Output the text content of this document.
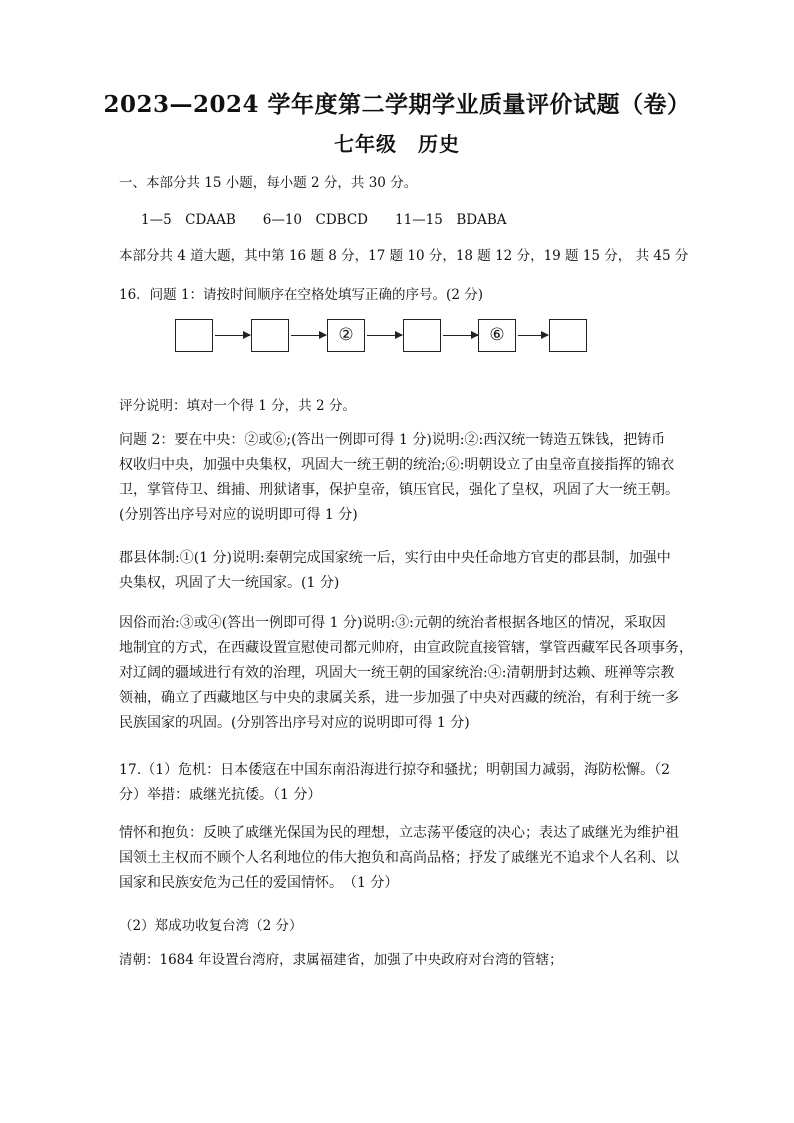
2023—2024 学年度第二学期学业质量评价试题（卷）
七年级　历史
一、本部分共 15 小题，每小题 2 分，共 30 分。
1—5　CDAAB　　6—10　CDBCD　　11—15　BDABA
本部分共 4 道大题，其中第 16 题 8 分，17 题 10 分，18 题 12 分，19 题 15 分， 共 45 分
16．问题 1：请按时间顺序在空格处填写正确的序号。(2 分)
②	⑥
评分说明：填对一个得 1 分，共 2 分。
问题 2：要在中央：②或⑥;(答出一例即可得 1 分)说明:②:西汉统一铸造五铢钱，把铸币
权收归中央，加强中央集权，巩固大一统王朝的统治;⑥:明朝设立了由皇帝直接指挥的锦衣
卫，掌管侍卫、缉捕、刑狱诸事，保护皇帝，镇压官民，强化了皇权，巩固了大一统王朝。
(分别答出序号对应的说明即可得 1 分)
郡县体制:①(1 分)说明:秦朝完成国家统一后，实行由中央任命地方官吏的郡县制，加强中
央集权，巩固了大一统国家。(1 分)
因俗而治:③或④(答出一例即可得 1 分)说明:③:元朝的统治者根据各地区的情况，采取因
地制宜的方式，在西藏设置宣慰使司都元帅府，由宣政院直接管辖，掌管西藏军民各项事务，
对辽阔的疆域进行有效的治理，巩固大一统王朝的国家统治:④:清朝册封达赖、班禅等宗教
领袖，确立了西藏地区与中央的隶属关系，进一步加强了中央对西藏的统治，有利于统一多
民族国家的巩固。(分别答出序号对应的说明即可得 1 分)
17.（1）危机：日本倭寇在中国东南沿海进行掠夺和骚扰；明朝国力减弱，海防松懈。（2
分）举措：戚继光抗倭。（1 分）
情怀和抱负：反映了戚继光保国为民的理想，立志荡平倭寇的决心；表达了戚继光为维护祖
国领土主权而不顾个人名利地位的伟大抱负和高尚品格；抒发了戚继光不追求个人名利、以
国家和民族安危为己任的爱国情怀。　（1 分）
（2）郑成功收复台湾（2 分）
清朝：1684 年设置台湾府，隶属福建省，加强了中央政府对台湾的管辖；
